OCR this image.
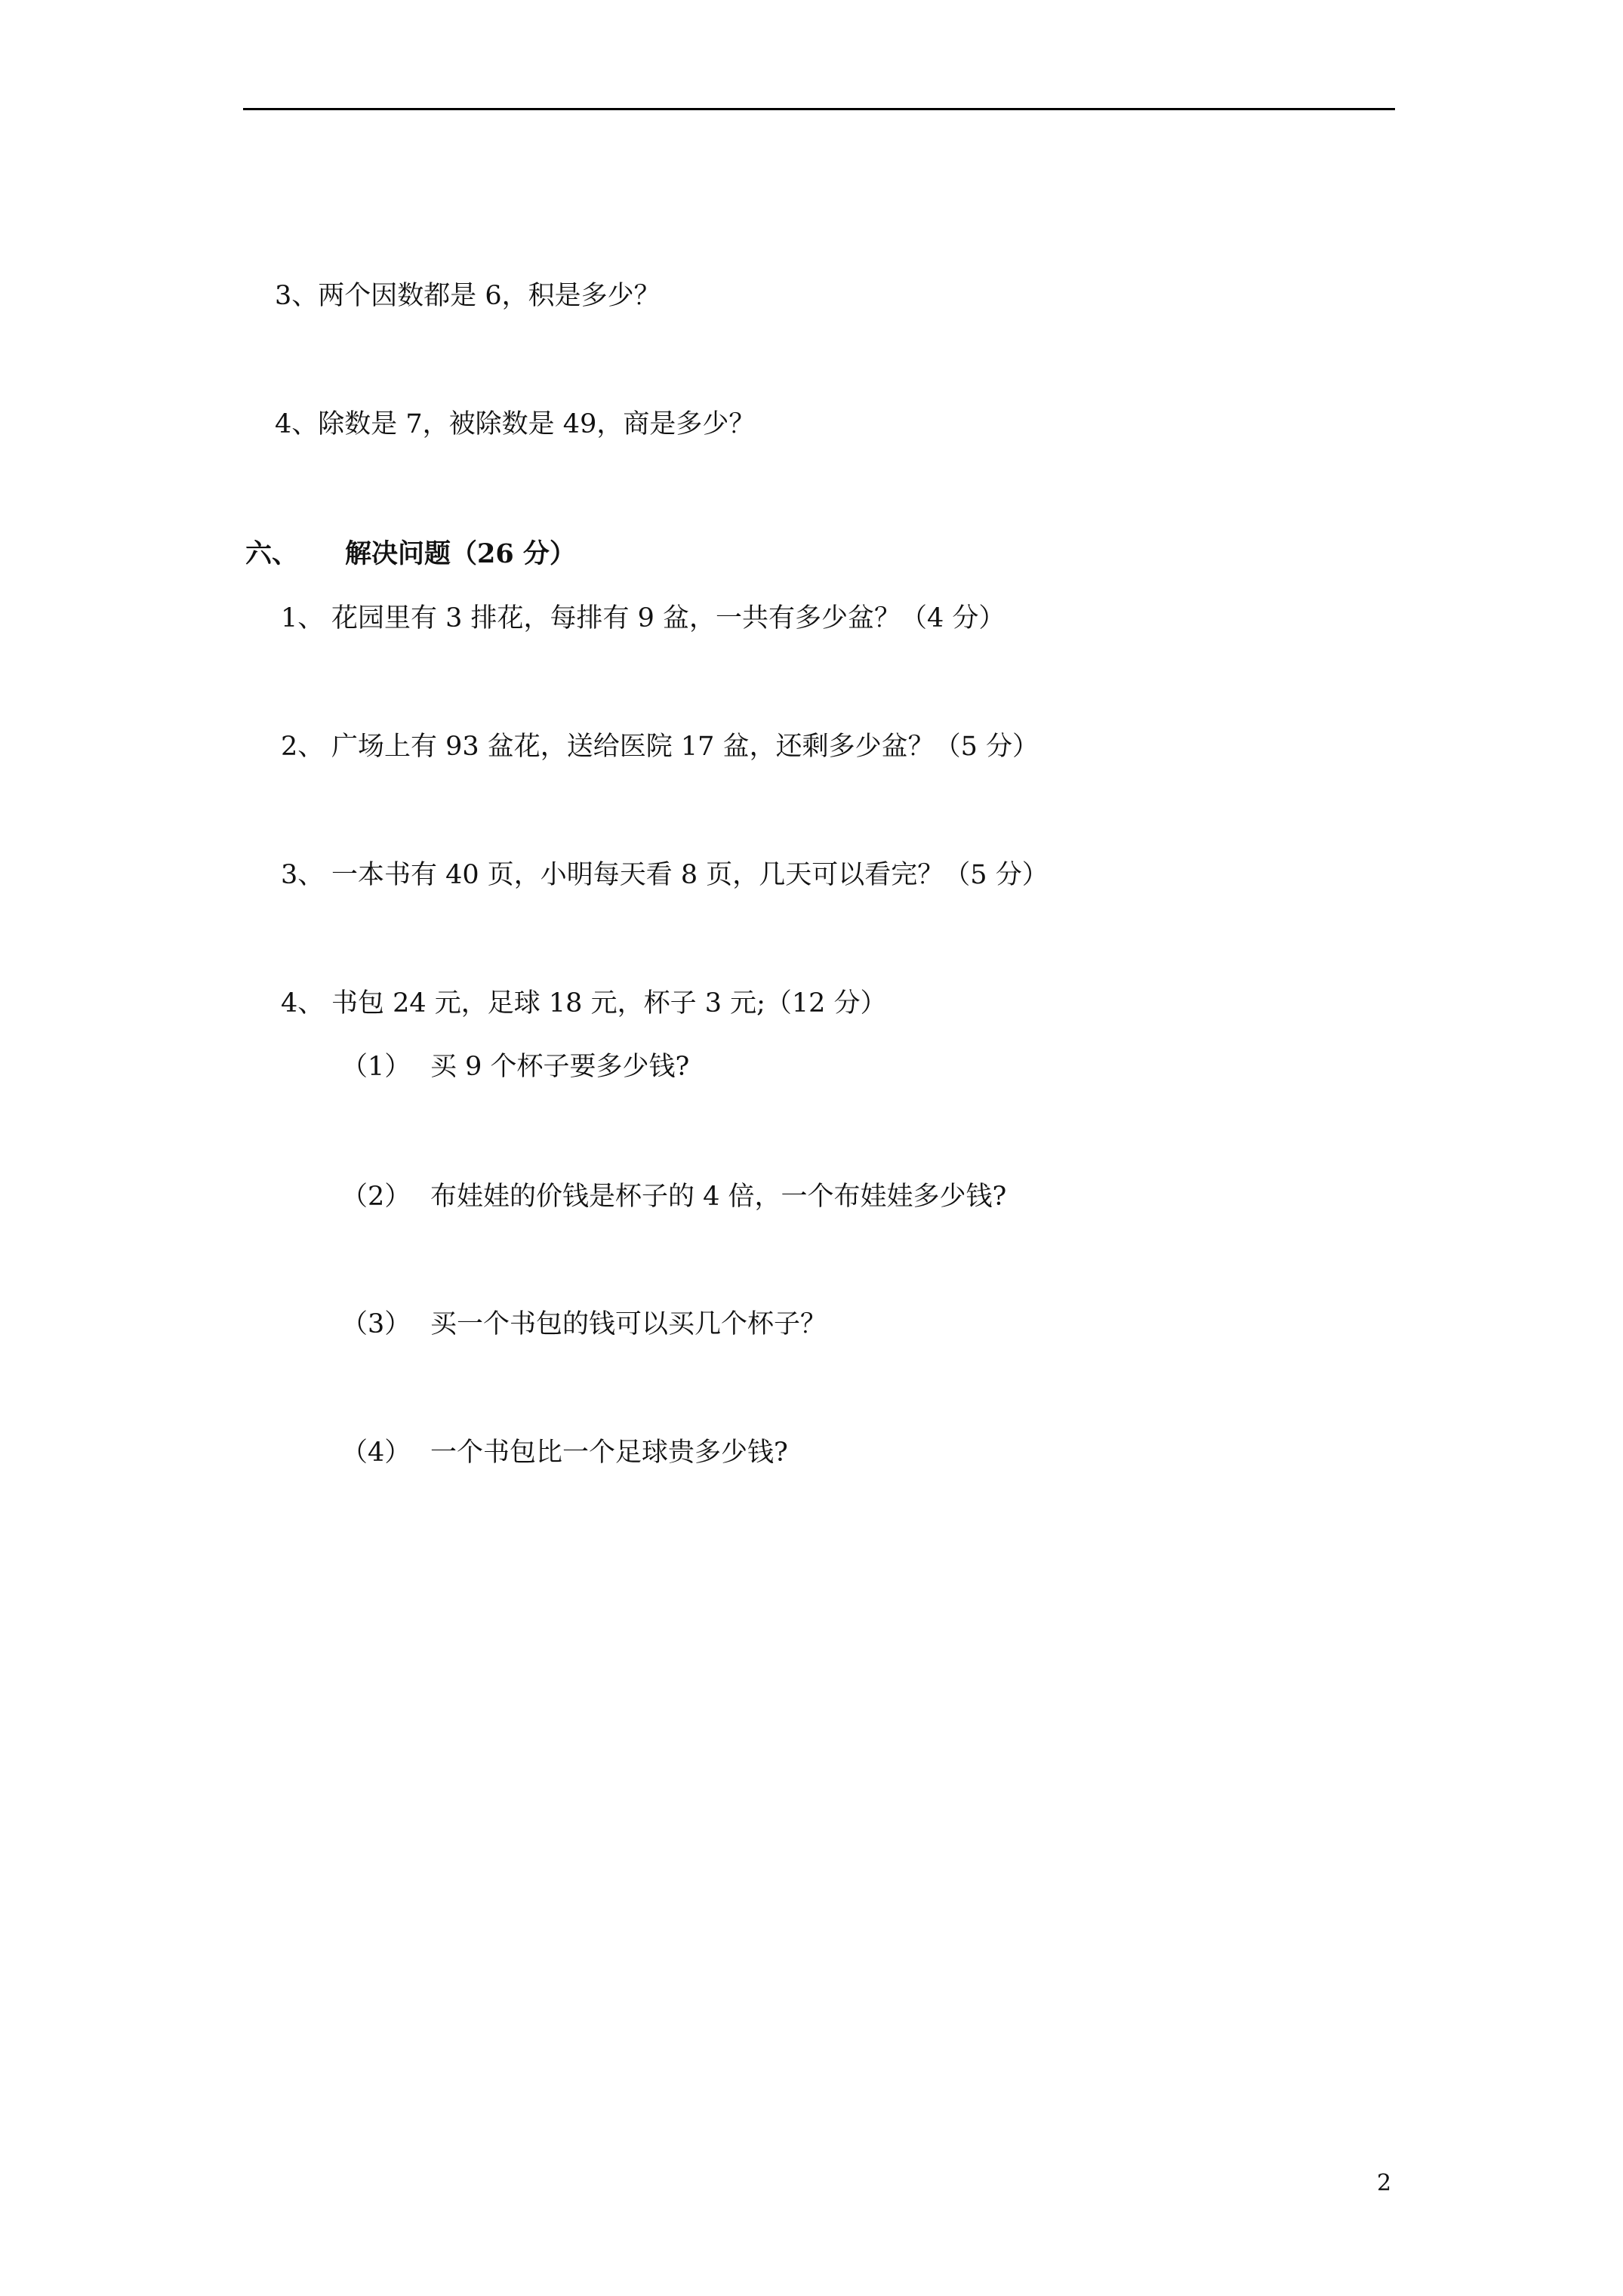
3、两个因数都是 6，积是多少？
4、除数是 7，被除数是 49，商是多少？
六、 解决问题（26 分）
1、 花园里有 3 排花，每排有 9 盆，一共有多少盆？（4 分）
2、 广场上有 93 盆花，送给医院 17 盆，还剩多少盆？（5 分）
3、 一本书有 40 页，小明每天看 8 页，几天可以看完？（5 分）
4、 书包 24 元，足球 18 元，杯子 3 元;（12 分）
（1） 买 9 个杯子要多少钱?
（2） 布娃娃的价钱是杯子的 4 倍，一个布娃娃多少钱?
（3） 买一个书包的钱可以买几个杯子？
（4） 一个书包比一个足球贵多少钱?
2
